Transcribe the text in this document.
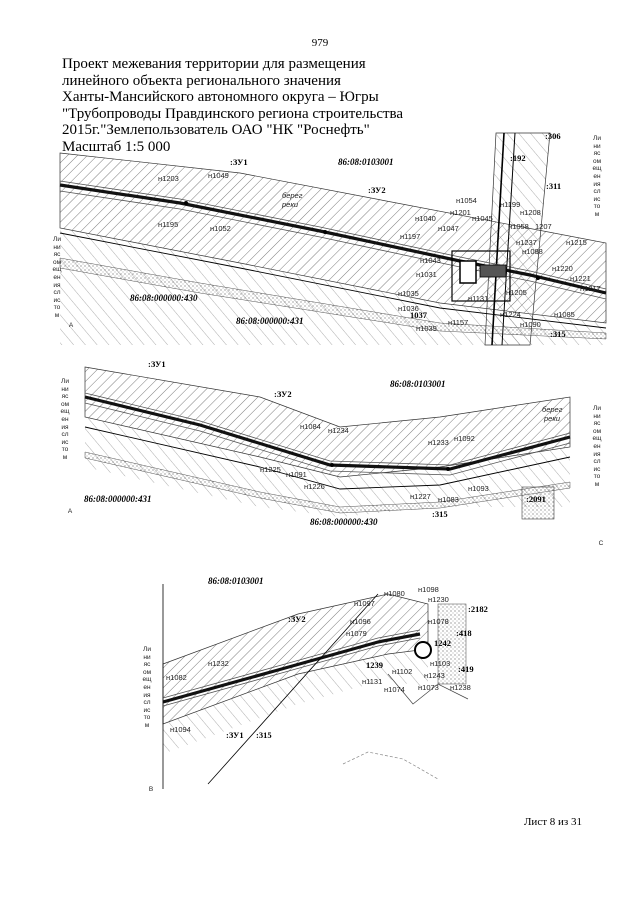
979
Проект межевания территории для размещения
линейного объекта регионального значения
Ханты-Мансийского автономного округа – Югры
"Трубопроводы Правдинского региона строительства
2015г."Землепользователь ОАО "НК "Роснефть"
Масштаб 1:5 000
:ЗУ1
:ЗУ2
86:08:0103001
:306
:192
:311
н1203	н1049
н1195	н1052
н1040
н1197
н1047
н1043
н1031
н1035
1037
н1036
н1039
н1157
н1054
н1201
н1045
н1199
н1208
н1058 1207
н1237
н1088
н1215
н1220
н1205
н1131
н1224
н1090
н1085
н1221
н1217
86:08:000000:430
86:08:000000:431
:315
берег
реки
Ли
ни
яс
ом
ещ
ен
ия
сл
ис
то
м
Ли
ни
яс
ом
ещ
ен
ия
сл
ис
то
м
:ЗУ1
:ЗУ2
86:08:0103001
н1084 н1234
н1225
н1091
н1233 н1092
н1226
н1227 н1083
н1093
86:08:000000:431
86:08:000000:430
:315
:2091
берег
реки
Ли
ни
яс
ом
ещ
ен
ия
сл
ис
то
м
Ли
ни
яс
ом
ещ
ен
ия
сл
ис
то
м
86:08:0103001
:ЗУ2
:ЗУ1 :315
н1080 н1098
н1097	н1230
:2182
н1096	н1078
:418
н1079
1242
н1232	1239
н1102
н1103
н1082	н1131
н1243
:419
н1074 н1073 н1238
н1094
Ли
ни
яс
ом
ещ
ен
ия
сл
ис
то
м
Лист 8 из 31
А
А
С
В
